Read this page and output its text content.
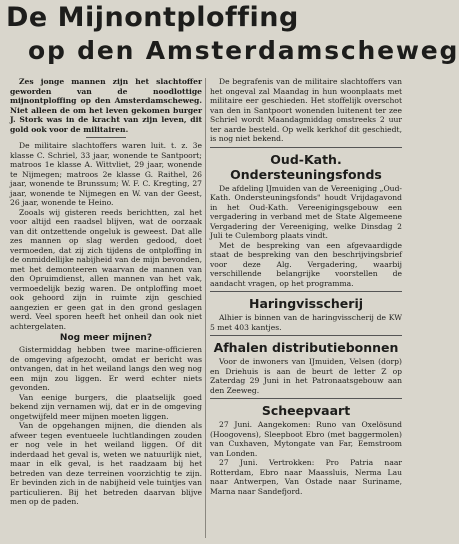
De Mijnontploffing
op den Amsterdamscheweg

Zes jonge mannen zijn het slachtoffer geworden van de noodlottige mijnontploffing op den Amsterdamscheweg. Niet alleen de om het leven gekomen burger J. Stork was in de kracht van zijn leven, dit gold ook voor de militairen.

De militaire slachtoffers waren luit. t. z. 3e klasse C. Schriel, 33 jaar, wonende te Santpoort; matroos 1e klasse A. Wittvliet, 29 jaar, wonende te Nijmegen; matroos 2e klasse G. Raithel, 26 jaar, wonende te Brunssum; W. F. C. Kregting, 27 jaar, wonende te Nijmegen en W. van der Geest, 26 jaar, wonende te Heino.

Zooals wij gisteren reeds berichtten, zal het voor altijd een raadsel blijven, wat de oorzaak van dit ontzettende ongeluk is geweest. Dat alle zes mannen op slag werden gedood, doet vermoeden, dat zij zich tijdens de ontploffing in de onmiddellijke nabijheid van de mijn bevonden, met het demonteeren waarvan de mannen van den Opruimdienst, allen mannen van het vak, vermoedelijk bezig waren. De ontploffing moet ook gehoord zijn in ruimte zijn geschied aangezien er geen gat in den grond geslagen werd. Veel sporen heeft het onheil dan ook niet achtergelaten.

Nog meer mijnen?

Gistermiddag hebben twee marine-officieren de omgeving afgezocht, omdat er bericht was ontvangen, dat in het weiland langs den weg nog een mijn zou liggen. Er werd echter niets gevonden.

Van eenige burgers, die plaatselijk goed bekend zijn vernamen wij, dat er in de omgeving ongetwijfeld meer mijnen moeten liggen.

Van de opgehangen mijnen, die dienden als afweer tegen eventueele luchtlandingen zouden er nog vele in het weiland liggen. Of dit inderdaad het geval is, weten we natuurlijk niet, maar in elk geval, is het raadzaam bij het betreden van deze terreinen voorzichtig te zijn. Er bevinden zich in de nabijheid vele tuintjes van particulieren. Bij het betreden daarvan blijve men op de paden.

De begrafenis van de militaire slachtoffers van het ongeval zal Maandag in hun woonplaats met militaire eer geschieden. Het stoffelijk overschot van den in Santpoort wonenden luitenent ter zee Schriel wordt Maandagmiddag omstreeks 2 uur ter aarde besteld. Op welk kerkhof dit geschiedt, is nog niet bekend.

Oud-Kath.
Ondersteuningsfonds

De afdeling IJmuiden van de Vereeniging „Oud-Kath. Ondersteuningsfonds" houdt Vrijdagavond in het Oud-Kath. Vereenigingsgebouw een vergadering in verband met de State Algemeene Vergadering der Vereeniging, welke Dinsdag 2 Juli te Culemborg plaats vindt.

Met de bespreking van een afgevaardigde staat de bespreking van den beschrijvingsbrief voor deze Alg. Vergadering, waarbij verschillende belangrijke voorstellen de aandacht vragen, op het programma.

Haringvisscherij

Alhier is binnen van de haringvisscherij de KW 5 met 403 kantjes.

Afhalen distributiebonnen

Voor de inwoners van IJmuiden, Velsen (dorp) en Driehuis is aan de beurt de letter Z op Zaterdag 29 Juni in het Patronaatsgebouw aan den Zeeweg.

Scheepvaart

27 Juni. Aangekomen: Runo van Oxelösund (Hoogovens), Sleepboot Ebro (met baggermolen) van Cuxhaven, Mytongate van Far, Eemstroom van Londen.

27 Juni. Vertrokken: Pro Patria naar Rotterdam, Ebro naar Maassluis, Nerma Lau naar Antwerpen, Van Ostade naar Suriname, Marna naar Sandefjord.
